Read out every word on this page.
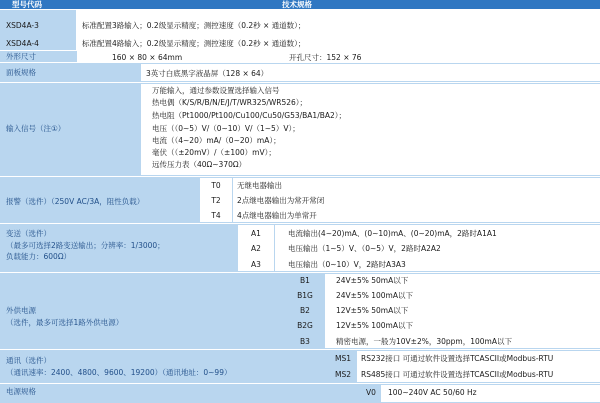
型号代码	技术规格
XSD4A-3	标准配置3路输入；0.2级显示精度；测控速度（0.2秒 × 通道数）；
XSD4A-4	标准配置4路输入；0.2级显示精度；测控速度（0.2秒 × 通道数）；
外形尺寸	160 × 80 × 64mm	开孔尺寸：152 × 76
面板规格	3英寸白底黑字液晶屏（128 × 64）
输入信号（注①）
万能输入，通过参数设置选择输入信号
热电偶（K/S/R/B/N/E/J/T/WR325/WR526）；
热电阻（Pt1000/Pt100/Cu100/Cu50/G53/BA1/BA2）；
电压（（0~5）V/（0~10）V/（1~5）V）；
电流（（4~20）mA/（0~20）mA）；
毫伏（（±20mV）/（±100）mV）；
远传压力表（40Ω~370Ω）
报警（选件）（250V AC/3A，阻性负载）
T0	无继电器输出
T2	2点继电器输出为常开常闭
T4	4点继电器输出为单常开
变送（选件）
（最多可选择2路变送输出；分辨率：1/3000；
负载能力：600Ω）
A1	电流输出(4~20)mA、(0~10)mA、(0~20)mA，2路时A1A1
A2	电压输出（1~5）V、（0~5）V，2路时A2A2
A3	电压输出（0~10）V，2路时A3A3
外供电源
（选件，最多可选择1路外供电源）
B1	24V±5% 50mA以下
B1G	24V±5% 100mA以下
B2	12V±5% 50mA以下
B2G	12V±5% 100mA以下
B3	精密电源，一般为10V±2%，30ppm，100mA以下
通讯（选件）
（通讯速率：2400、4800、9600、19200）（通讯地址：0~99）
MS1	RS232接口 可通过软件设置选择TCASCII或Modbus-RTU
MS2	RS485接口 可通过软件设置选择TCASCII或Modbus-RTU
电源规格	V0	100~240V AC 50/60 Hz
